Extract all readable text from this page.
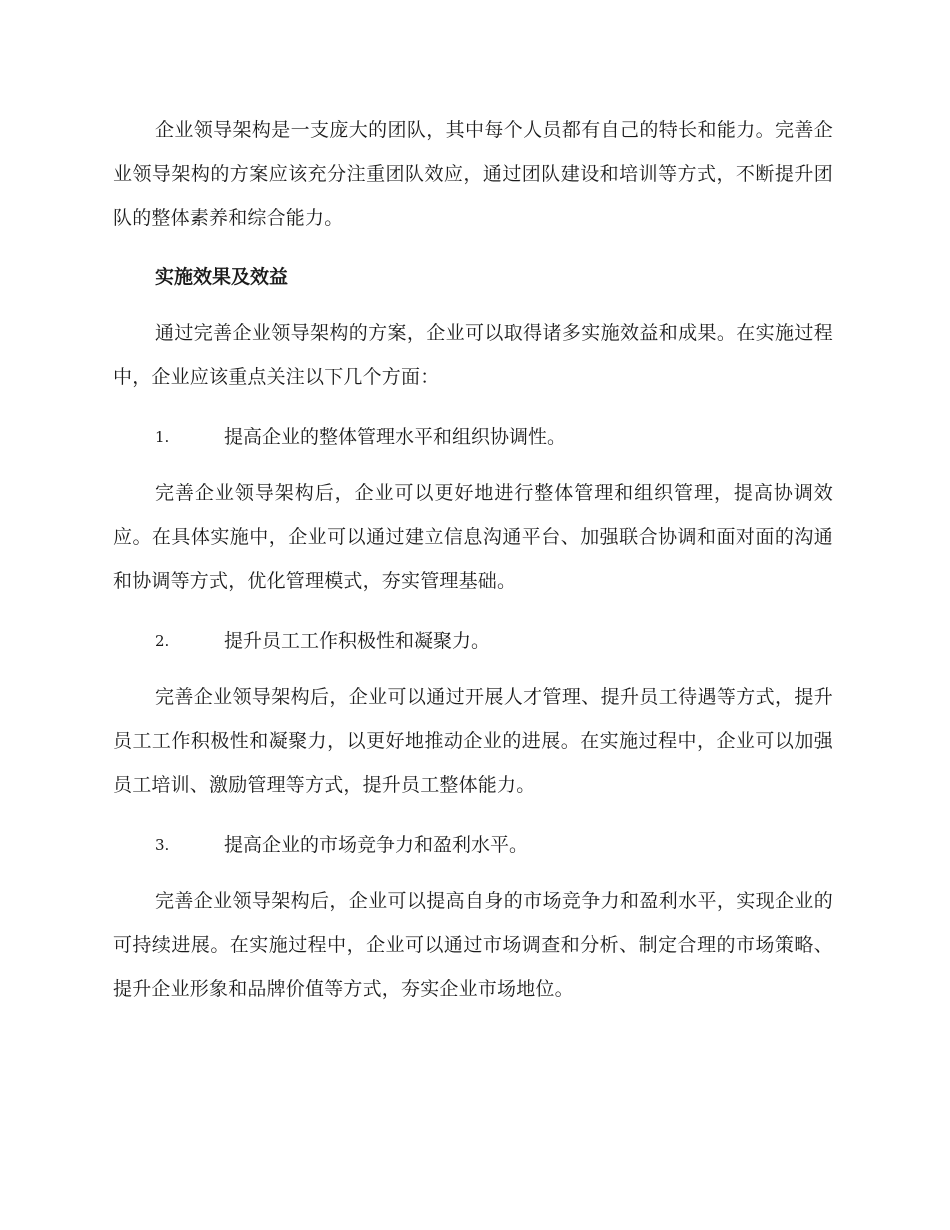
企业领导架构是一支庞大的团队，其中每个人员都有自己的特长和能力。完善企业领导架构的方案应该充分注重团队效应，通过团队建设和培训等方式，不断提升团队的整体素养和综合能力。

实施效果及效益

通过完善企业领导架构的方案，企业可以取得诸多实施效益和成果。在实施过程中，企业应该重点关注以下几个方面：

1.	提高企业的整体管理水平和组织协调性。

完善企业领导架构后，企业可以更好地进行整体管理和组织管理，提高协调效应。在具体实施中，企业可以通过建立信息沟通平台、加强联合协调和面对面的沟通和协调等方式，优化管理模式，夯实管理基础。

2.	提升员工工作积极性和凝聚力。

完善企业领导架构后，企业可以通过开展人才管理、提升员工待遇等方式，提升员工工作积极性和凝聚力，以更好地推动企业的进展。在实施过程中，企业可以加强员工培训、激励管理等方式，提升员工整体能力。

3.	提高企业的市场竞争力和盈利水平。

完善企业领导架构后，企业可以提高自身的市场竞争力和盈利水平，实现企业的可持续进展。在实施过程中，企业可以通过市场调查和分析、制定合理的市场策略、提升企业形象和品牌价值等方式，夯实企业市场地位。
